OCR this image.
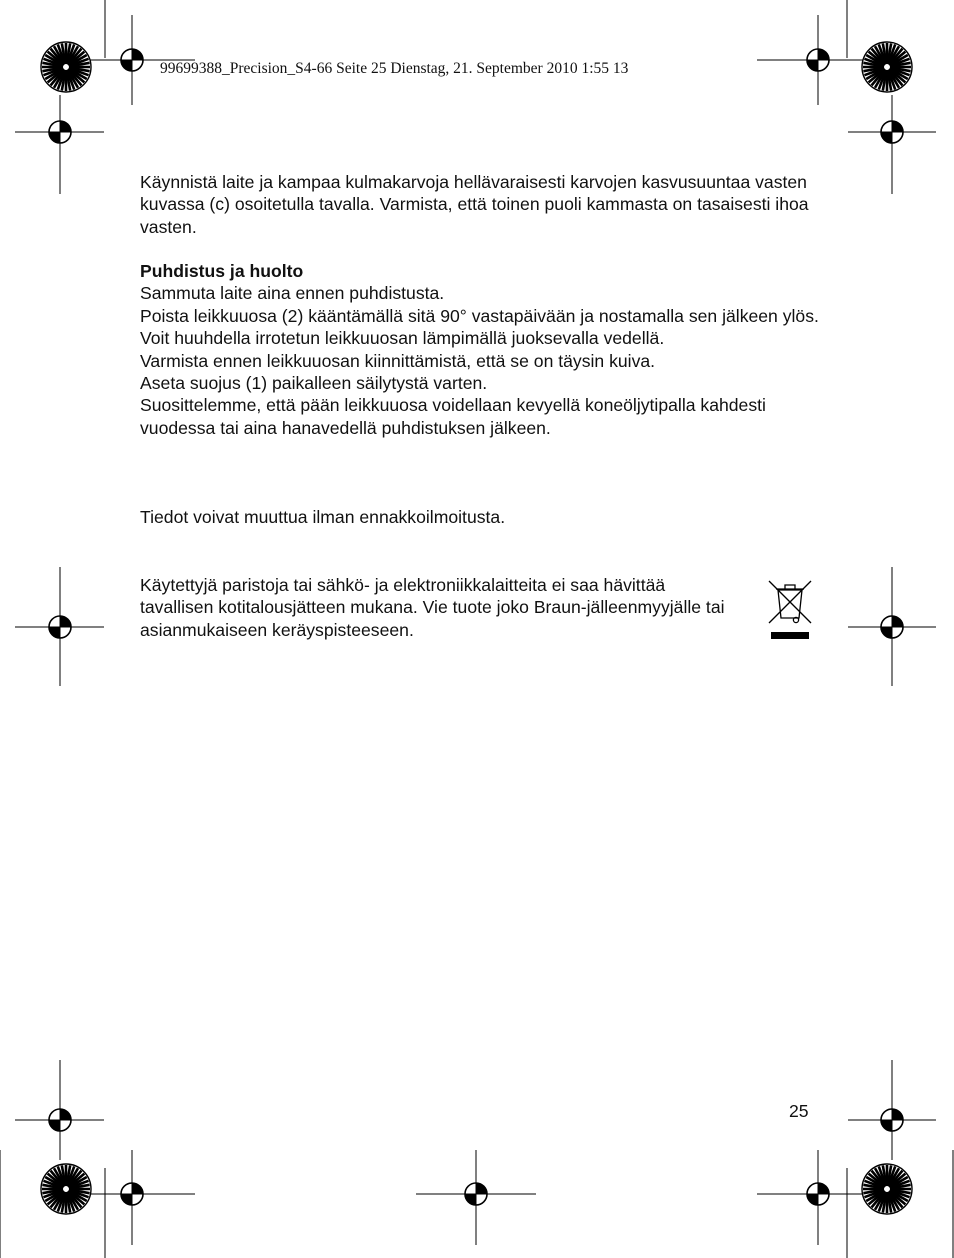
99699388_Precision_S4-66 Seite 25 Dienstag, 21. September 2010 1:55 13
Käynnistä laite ja kampaa kulmakarvoja hellävaraisesti karvojen kasvusuuntaa vasten kuvassa (c) osoitetulla tavalla. Varmista, että toinen puoli kammasta on tasaisesti ihoa vasten.
Puhdistus ja huolto
Sammuta laite aina ennen puhdistusta.
Poista leikkuuosa (2) kääntämällä sitä 90° vastapäivään ja nostamalla sen jälkeen ylös.
Voit huuhdella irrotetun leikkuuosan lämpimällä juoksevalla vedellä.
Varmista ennen leikkuuosan kiinnittämistä, että se on täysin kuiva.
Aseta suojus (1) paikalleen säilytystä varten.
Suosittelemme, että pään leikkuuosa voidellaan kevyellä koneöljytipalla kahdesti vuodessa tai aina hanavedellä puhdistuksen jälkeen.
Tiedot voivat muuttua ilman ennakkoilmoitusta.
Käytettyjä paristoja tai sähkö- ja elektroniikkalaitteita ei saa hävittää tavallisen kotitalousjätteen mukana. Vie tuote joko Braun-jälleenmyyjälle tai asianmukaiseen keräyspisteeseen.
25
